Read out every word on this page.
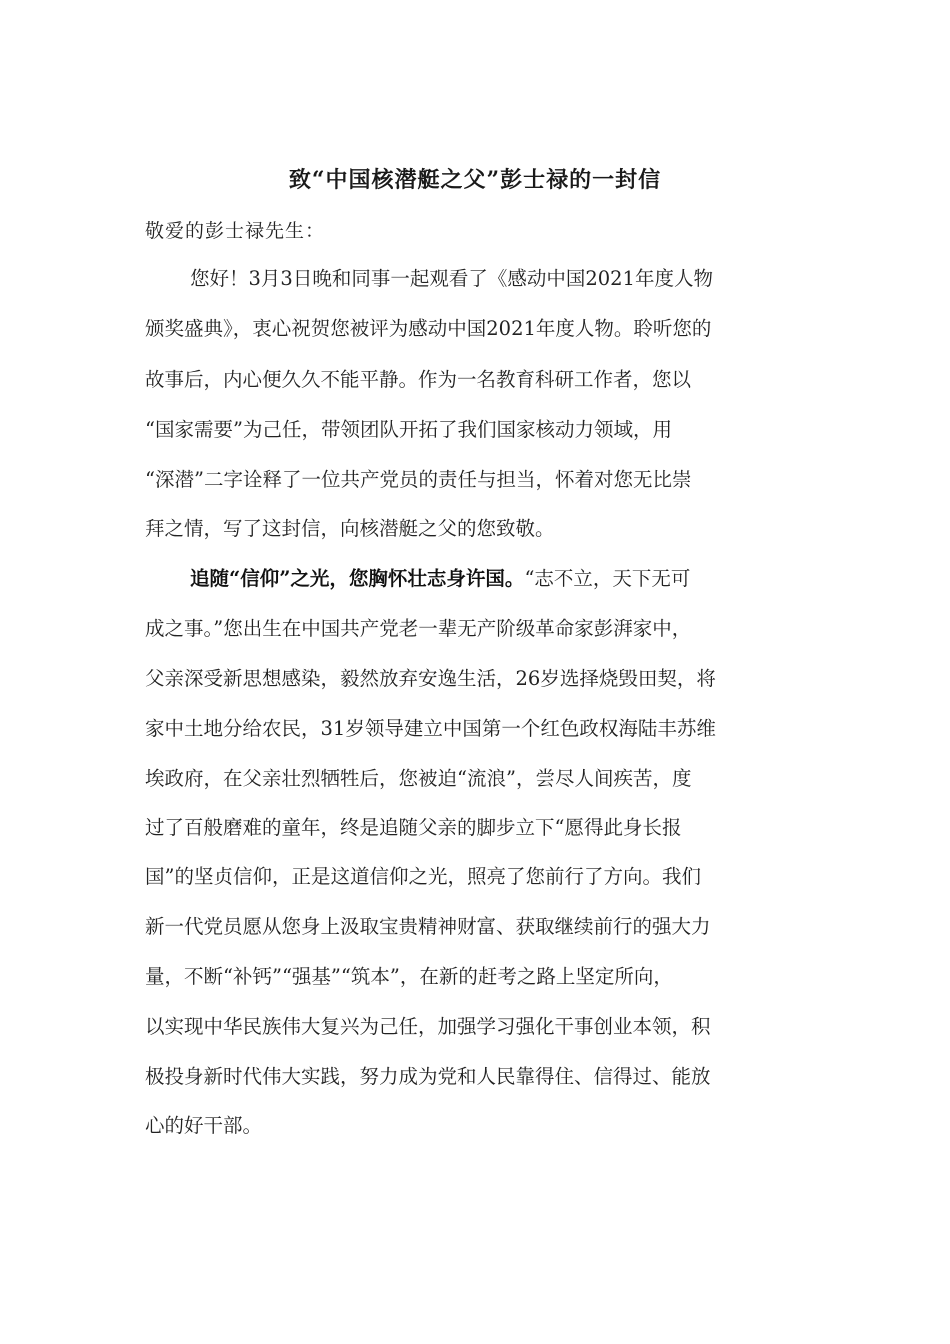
致“中国核潜艇之父”彭士禄的一封信
敬爱的彭士禄先生：
您好！3月3日晚和同事一起观看了《感动中国2021年度人物
颁奖盛典》，衷心祝贺您被评为感动中国2021年度人物。聆听您的
故事后，内心便久久不能平静。作为一名教育科研工作者，您以
“国家需要”为己任，带领团队开拓了我们国家核动力领域，用
“深潜”二字诠释了一位共产党员的责任与担当，怀着对您无比崇
拜之情，写了这封信，向核潜艇之父的您致敬。
追随“信仰”之光，您胸怀壮志身许国。“志不立，天下无可
成之事。”您出生在中国共产党老一辈无产阶级革命家彭湃家中，
父亲深受新思想感染，毅然放弃安逸生活，26岁选择烧毁田契，将
家中土地分给农民，31岁领导建立中国第一个红色政权海陆丰苏维
埃政府，在父亲壮烈牺牲后，您被迫“流浪”，尝尽人间疾苦，度
过了百般磨难的童年，终是追随父亲的脚步立下“愿得此身长报
国”的坚贞信仰，正是这道信仰之光，照亮了您前行了方向。我们
新一代党员愿从您身上汲取宝贵精神财富、获取继续前行的强大力
量，不断“补钙”“强基”“筑本”，在新的赶考之路上坚定所向，
以实现中华民族伟大复兴为己任，加强学习强化干事创业本领，积
极投身新时代伟大实践，努力成为党和人民靠得住、信得过、能放
心的好干部。
